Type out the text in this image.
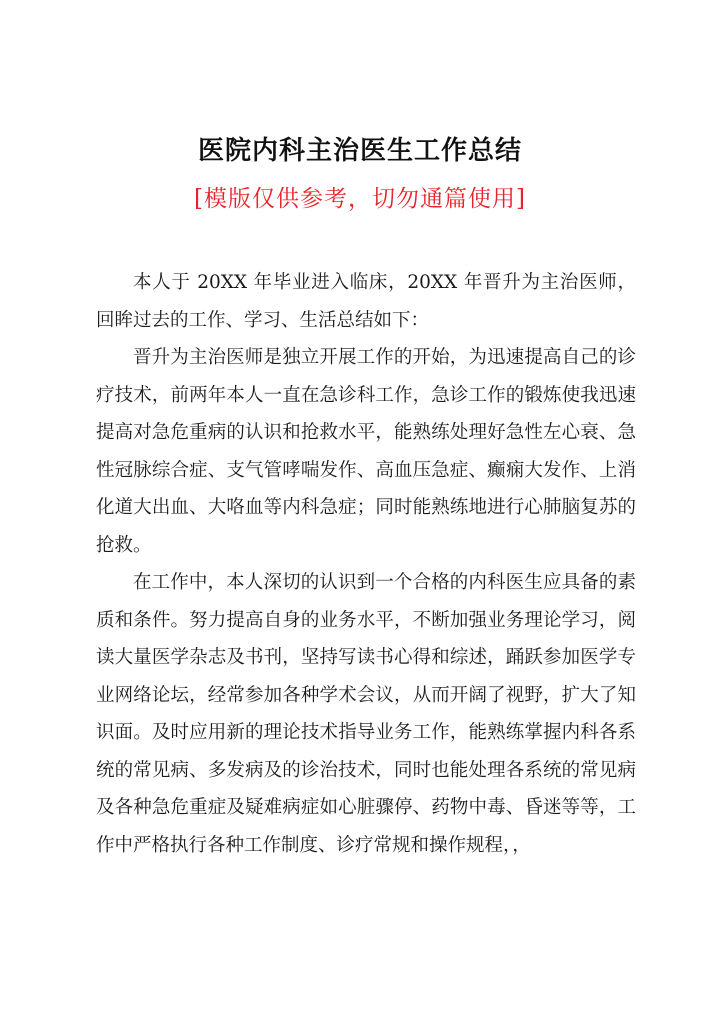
医院内科主治医生工作总结
[模版仅供参考，切勿通篇使用]

本人于 20XX 年毕业进入临床，20XX 年晋升为主治医师，回眸过去的工作、学习、生活总结如下：

晋升为主治医师是独立开展工作的开始，为迅速提高自己的诊疗技术，前两年本人一直在急诊科工作，急诊工作的锻炼使我迅速提高对急危重病的认识和抢救水平，能熟练处理好急性左心衰、急性冠脉综合症、支气管哮喘发作、高血压急症、癫痫大发作、上消化道大出血、大咯血等内科急症；同时能熟练地进行心肺脑复苏的抢救。

在工作中，本人深切的认识到一个合格的内科医生应具备的素质和条件。努力提高自身的业务水平，不断加强业务理论学习，阅读大量医学杂志及书刊，坚持写读书心得和综述，踊跃参加医学专业网络论坛，经常参加各种学术会议，从而开阔了视野，扩大了知识面。及时应用新的理论技术指导业务工作，能熟练掌握内科各系统的常见病、多发病及的诊治技术，同时也能处理各系统的常见病及各种急危重症及疑难病症如心脏骤停、药物中毒、昏迷等等，工作中严格执行各种工作制度、诊疗常规和操作规程，，
